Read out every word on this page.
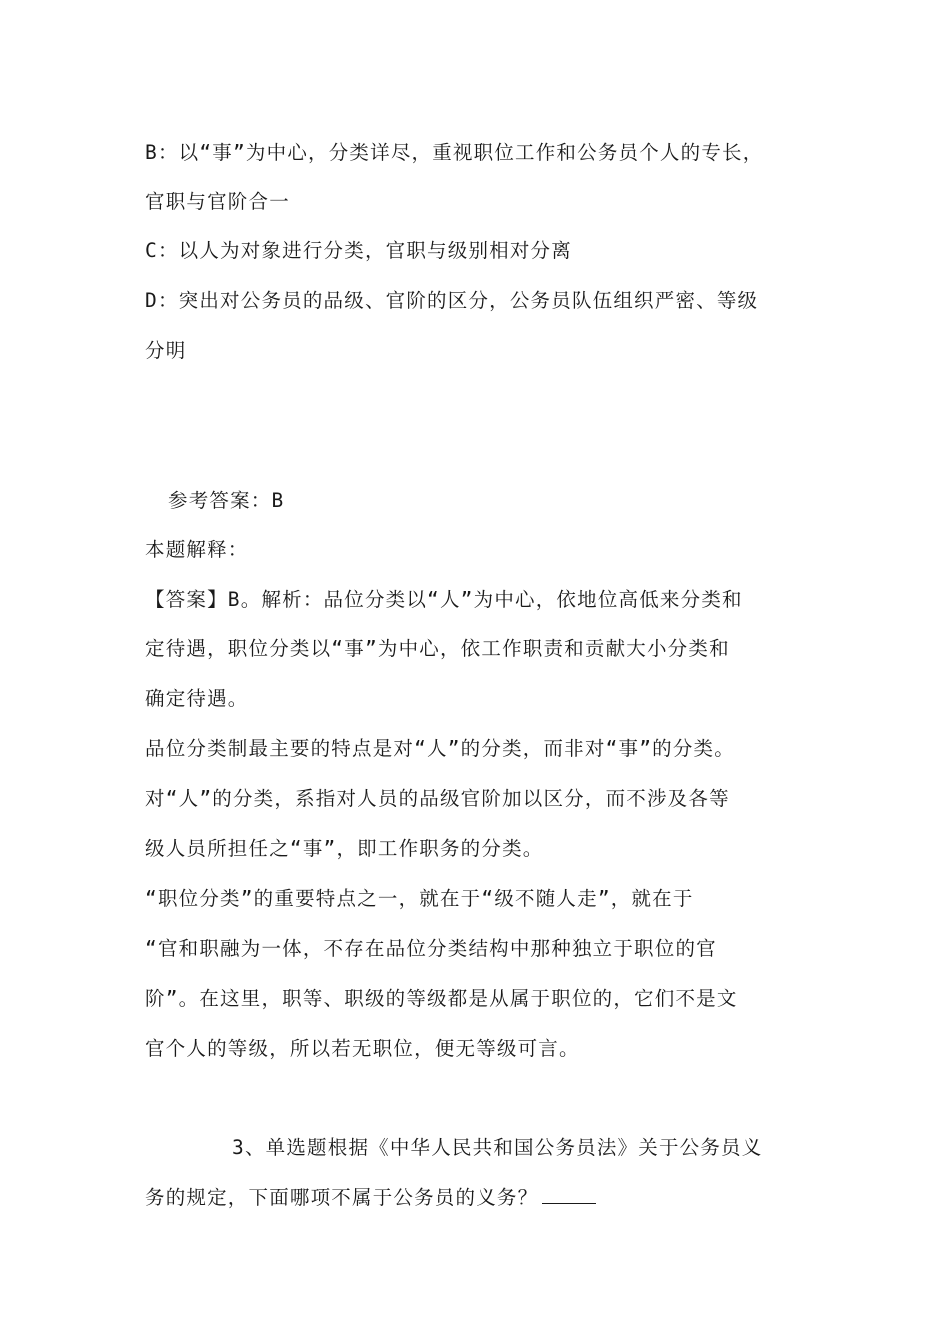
B：以“事”为中心，分类详尽，重视职位工作和公务员个人的专长，
官职与官阶合一
C：以人为对象进行分类，官职与级别相对分离
D：突出对公务员的品级、官阶的区分，公务员队伍组织严密、等级
分明
参考答案：B
本题解释：
【答案】B。解析：品位分类以“人”为中心，依地位高低来分类和
定待遇，职位分类以“事”为中心，依工作职责和贡献大小分类和
确定待遇。
品位分类制最主要的特点是对“人”的分类，而非对“事”的分类。
对“人”的分类，系指对人员的品级官阶加以区分，而不涉及各等
级人员所担任之“事”，即工作职务的分类。
“职位分类”的重要特点之一，就在于“级不随人走”，就在于
“官和职融为一体，不存在品位分类结构中那种独立于职位的官
阶”。在这里，职等、职级的等级都是从属于职位的，它们不是文
官个人的等级，所以若无职位，便无等级可言。
3、单选题根据《中华人民共和国公务员法》关于公务员义
务的规定，下面哪项不属于公务员的义务？
